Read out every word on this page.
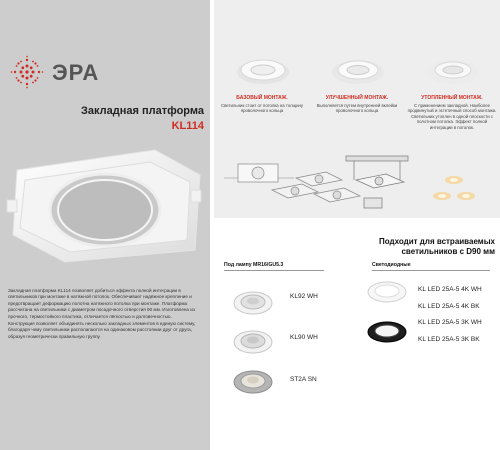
ЭРА
Закладная платформа
KL114

Закладная платформа KL114 позволяет добиться эффекта полной интеграции в светильников при монтаже в натяжной потолок. Обеспечивает надёжное крепление и предотвращает деформацию полотна натяжного потолка при монтаже. Платформа рассчитана на светильники с диаметром посадочного отверстия 90 мм. Изготовлена из прочного, термостойкого пластика, отличается лёгкостью и долговечностью.

Конструкция позволяет объединять несколько закладных элементов в единую систему, благодаря чему светильники располагаются на одинаковом расстоянии друг от друга, образуя геометрически правильную группу.

БАЗОВЫЙ МОНТАЖ.
Светильник стоит от потолка на толщину проволочного кольца
УЛУЧШЕННЫЙ МОНТАЖ.
Выполняется путем внутренней вклейки проволочного кольца
УТОПЛЕННЫЙ МОНТАЖ.
С применением закладной. Наиболее продвинутый и эстетичный способ монтажа. Светильник утоплен в одной плоскости с полотном потолка. Эффект полной интеграции в потолок.
Подходит для встраиваемых светильников с D90 мм
Под лампу MR16/GU5.3	Светодиодные
KL92 WH
KL90 WH
ST2A SN
KL LED 25A-5 4K WH
KL LED 25A-5 4K BK
KL LED 25A-5 3K WH
KL LED 25A-5 3K BK
